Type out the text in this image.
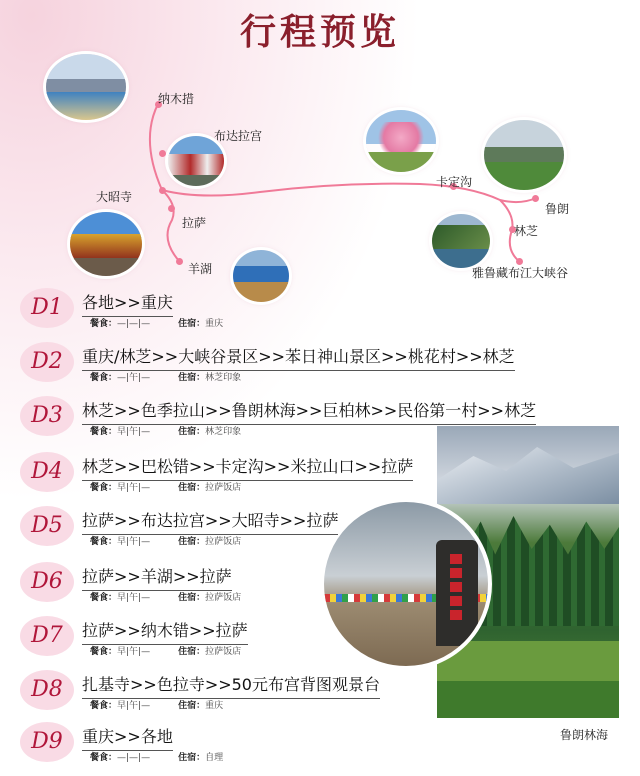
行程预览
纳木措
布达拉宫
大昭寺
拉萨
羊湖
卡定沟
鲁朗
林芝
雅鲁藏布江大峡谷
鲁朗林海
D1	各地>>重庆
餐食：—|—|—	住宿：重庆
D2	重庆/林芝>>大峡谷景区>>苯日神山景区>>桃花村>>林芝
餐食：—|午|—	住宿：林芝印象
D3	林芝>>色季拉山>>鲁朗林海>>巨柏林>>民俗第一村>>林芝
餐食：早|午|—	住宿：林芝印象
D4	林芝>>巴松错>>卡定沟>>米拉山口>>拉萨
餐食：早|午|—	住宿：拉萨饭店
D5	拉萨>>布达拉宫>>大昭寺>>拉萨
餐食：早|午|—	住宿：拉萨饭店
D6	拉萨>>羊湖>>拉萨
餐食：早|午|—	住宿：拉萨饭店
D7	拉萨>>纳木错>>拉萨
餐食：早|午|—	住宿：拉萨饭店
D8	扎基寺>>色拉寺>>50元布宫背图观景台
餐食：早|午|—	住宿：重庆
D9	重庆>>各地
餐食：—|—|—	住宿：自理
